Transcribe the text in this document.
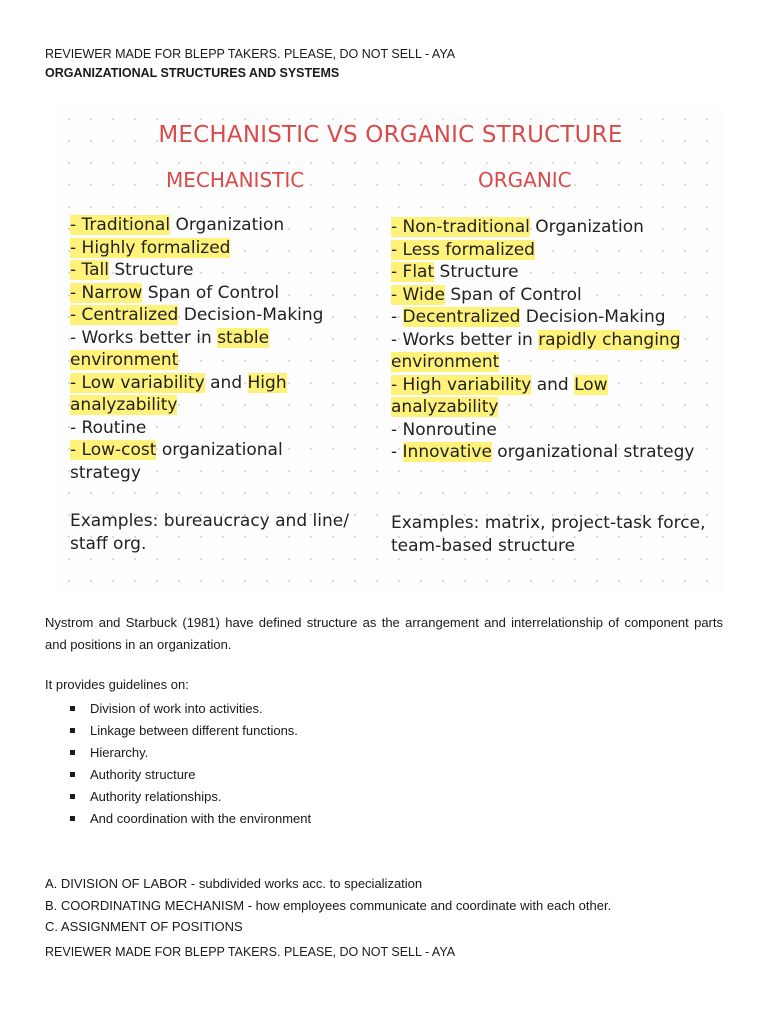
REVIEWER MADE FOR BLEPP TAKERS. PLEASE, DO NOT SELL - AYA
ORGANIZATIONAL STRUCTURES AND SYSTEMS
MECHANISTIC VS ORGANIC STRUCTURE
MECHANISTIC	ORGANIC
- Traditional Organization
- Highly formalized
- Tall Structure
- Narrow Span of Control
- Centralized Decision-Making
- Works better in stable
environment
- Low variability and High
analyzability
- Routine
- Low-cost organizational
strategy
- Non-traditional Organization
- Less formalized
- Flat Structure
- Wide Span of Control
- Decentralized Decision-Making
- Works better in rapidly changing
environment
- High variability and Low
analyzability
- Nonroutine
- Innovative organizational strategy
Examples: bureaucracy and line/
staff org.
Examples: matrix, project-task force,
team-based structure
Nystrom and Starbuck (1981) have defined structure as the arrangement and interrelationship of component parts and positions in an organization.
It provides guidelines on:
Division of work into activities.
Linkage between different functions.
Hierarchy.
Authority structure
Authority relationships.
And coordination with the environment
A. DIVISION OF LABOR - subdivided works acc. to specialization
B. COORDINATING MECHANISM - how employees communicate and coordinate with each other.
C. ASSIGNMENT OF POSITIONS
REVIEWER MADE FOR BLEPP TAKERS. PLEASE, DO NOT SELL - AYA
